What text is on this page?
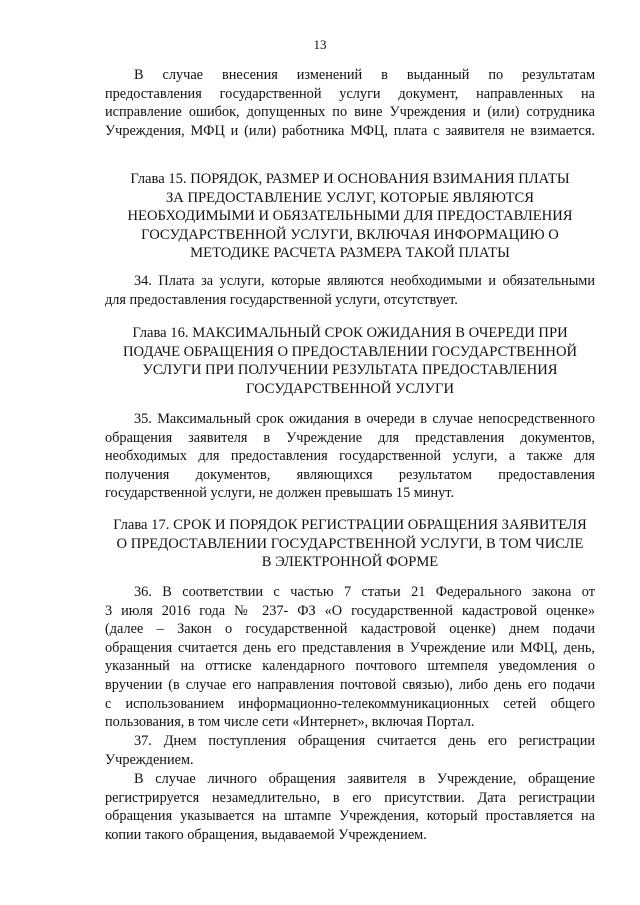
13

В случае внесения изменений в выданный по результатам

предоставления государственной услуги документ, направленных на

исправление ошибок, допущенных по вине Учреждения и (или) сотрудника

Учреждения, МФЦ и (или) работника МФЦ, плата с заявителя не взимается.

Глава 15. ПОРЯДОК, РАЗМЕР И ОСНОВАНИЯ ВЗИМАНИЯ ПЛАТЫ

ЗА ПРЕДОСТАВЛЕНИЕ УСЛУГ, КОТОРЫЕ ЯВЛЯЮТСЯ

НЕОБХОДИМЫМИ И ОБЯЗАТЕЛЬНЫМИ ДЛЯ ПРЕДОСТАВЛЕНИЯ

ГОСУДАРСТВЕННОЙ УСЛУГИ, ВКЛЮЧАЯ ИНФОРМАЦИЮ О

МЕТОДИКЕ РАСЧЕТА РАЗМЕРА ТАКОЙ ПЛАТЫ

34. Плата за услуги, которые являются необходимыми и обязательными

для предоставления государственной услуги, отсутствует.

Глава 16. МАКСИМАЛЬНЫЙ СРОК ОЖИДАНИЯ В ОЧЕРЕДИ ПРИ

ПОДАЧЕ ОБРАЩЕНИЯ О ПРЕДОСТАВЛЕНИИ ГОСУДАРСТВЕННОЙ

УСЛУГИ ПРИ ПОЛУЧЕНИИ РЕЗУЛЬТАТА ПРЕДОСТАВЛЕНИЯ

ГОСУДАРСТВЕННОЙ УСЛУГИ

35. Максимальный срок ожидания в очереди в случае непосредственного

обращения заявителя в Учреждение для представления документов,

необходимых для предоставления государственной услуги, а также для

получения документов, являющихся результатом предоставления

государственной услуги, не должен превышать 15 минут.

Глава 17. СРОК И ПОРЯДОК РЕГИСТРАЦИИ ОБРАЩЕНИЯ ЗАЯВИТЕЛЯ

О ПРЕДОСТАВЛЕНИИ ГОСУДАРСТВЕННОЙ УСЛУГИ, В ТОМ ЧИСЛЕ

В ЭЛЕКТРОННОЙ ФОРМЕ

36. В соответствии с частью 7 статьи 21 Федерального закона от

3 июля 2016 года № 237- ФЗ «О государственной кадастровой оценке»

(далее – Закон о государственной кадастровой оценке) днем подачи

обращения считается день его представления в Учреждение или МФЦ, день,

указанный на оттиске календарного почтового штемпеля уведомления о

вручении (в случае его направления почтовой связью), либо день его подачи

с использованием информационно-телекоммуникационных сетей общего

пользования, в том числе сети «Интернет», включая Портал.

37. Днем поступления обращения считается день его регистрации

Учреждением.

В случае личного обращения заявителя в Учреждение, обращение

регистрируется незамедлительно, в его присутствии. Дата регистрации

обращения указывается на штампе Учреждения, который проставляется на

копии такого обращения, выдаваемой Учреждением.
